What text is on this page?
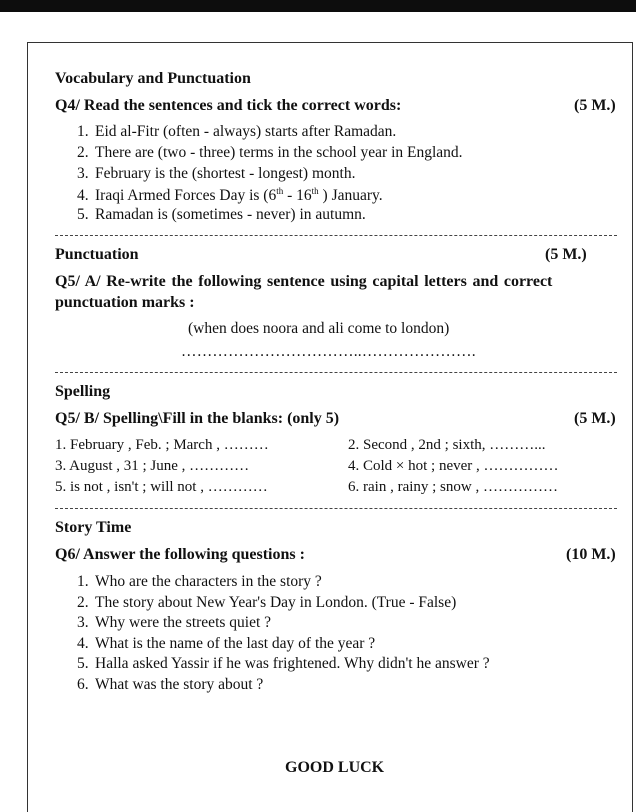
Vocabulary and Punctuation
Q4/ Read the sentences and tick the correct words:	(5 M.)
1. Eid al-Fitr (often - always) starts after Ramadan.
2. There are (two - three) terms in the school year in England.
3. February is the (shortest - longest) month.
4. Iraqi Armed Forces Day is (6th - 16th ) January.
5. Ramadan is (sometimes - never) in autumn.
Punctuation	(5 M.)
Q5/ A/ Re-write the following sentence using capital letters and correct
punctuation marks :
(when does noora and ali come to london)
……………………………..………………….
Spelling
Q5/ B/ Spelling\Fill in the blanks: (only 5)	(5 M.)
1. February , Feb. ; March , ………	2. Second , 2nd ; sixth, ………...
3. August , 31 ; June , …………	4. Cold × hot ; never , ……………
5. is not , isn't ; will not , …………	6. rain , rainy ; snow , ……………
Story Time
Q6/ Answer the following questions :	(10 M.)
1. Who are the characters in the story ?
2. The story about New Year's Day in London. (True - False)
3. Why were the streets quiet ?
4. What is the name of the last day of the year ?
5. Halla asked Yassir if he was frightened. Why didn't he answer ?
6. What was the story about ?
GOOD LUCK
